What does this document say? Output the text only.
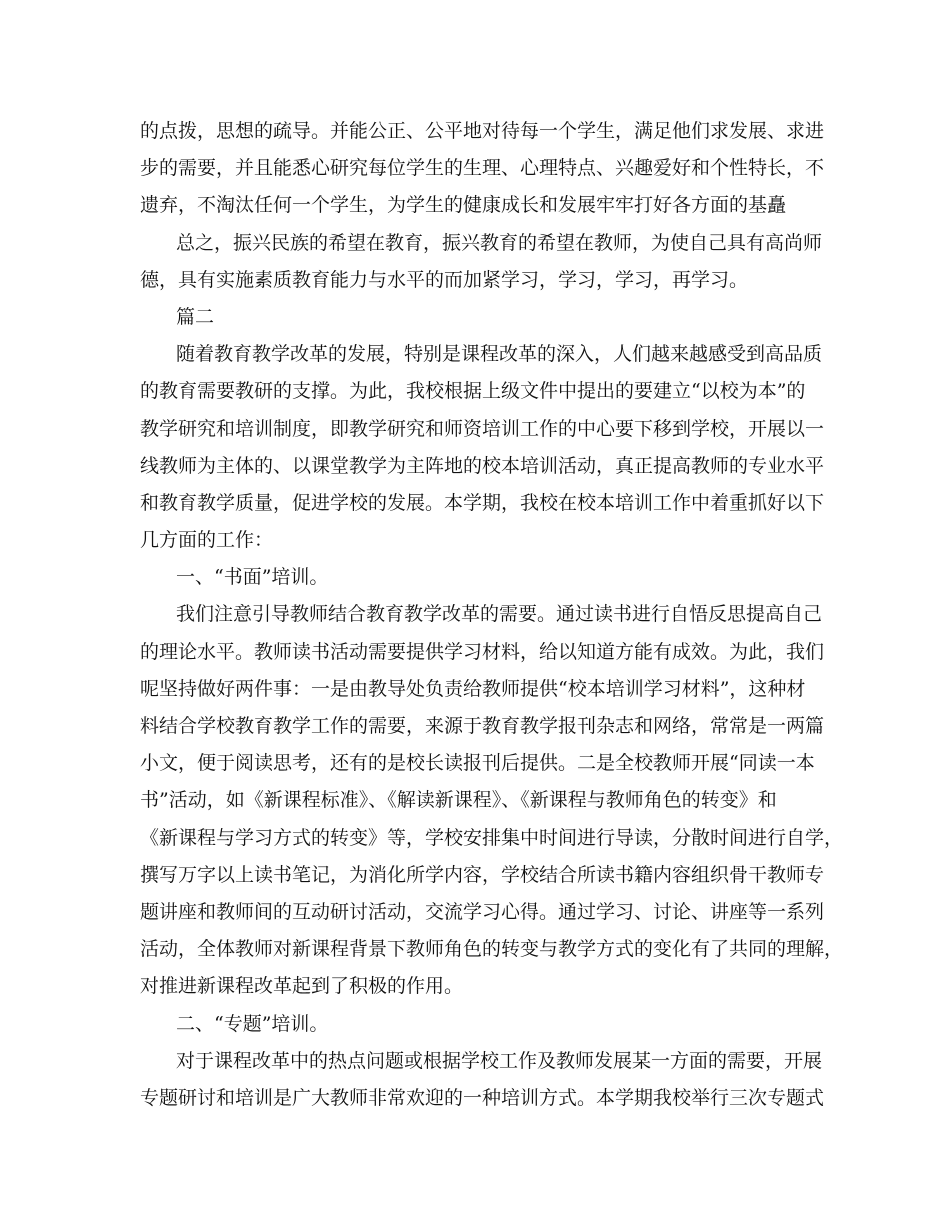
的点拨，思想的疏导。并能公正、公平地对待每一个学生，满足他们求发展、求进
步的需要，并且能悉心研究每位学生的生理、心理特点、兴趣爱好和个性特长，不
遗弃，不淘汰任何一个学生，为学生的健康成长和发展牢牢打好各方面的基矗

总之，振兴民族的希望在教育，振兴教育的希望在教师，为使自己具有高尚师
德，具有实施素质教育能力与水平的而加紧学习，学习，学习，再学习。

篇二

随着教育教学改革的发展，特别是课程改革的深入，人们越来越感受到高品质
的教育需要教研的支撑。为此，我校根据上级文件中提出的要建立“以校为本”的
教学研究和培训制度，即教学研究和师资培训工作的中心要下移到学校，开展以一
线教师为主体的、以课堂教学为主阵地的校本培训活动，真正提高教师的专业水平
和教育教学质量，促进学校的发展。本学期，我校在校本培训工作中着重抓好以下
几方面的工作：

一、“书面”培训。

我们注意引导教师结合教育教学改革的需要。通过读书进行自悟反思提高自己
的理论水平。教师读书活动需要提供学习材料，给以知道方能有成效。为此，我们
呢坚持做好两件事：一是由教导处负责给教师提供“校本培训学习材料”，这种材
料结合学校教育教学工作的需要，来源于教育教学报刊杂志和网络，常常是一两篇
小文，便于阅读思考，还有的是校长读报刊后提供。二是全校教师开展“同读一本
书”活动，如《新课程标准》、《解读新课程》、《新课程与教师角色的转变》和
《新课程与学习方式的转变》等，学校安排集中时间进行导读，分散时间进行自学，
撰写万字以上读书笔记，为消化所学内容，学校结合所读书籍内容组织骨干教师专
题讲座和教师间的互动研讨活动，交流学习心得。通过学习、讨论、讲座等一系列
活动，全体教师对新课程背景下教师角色的转变与教学方式的变化有了共同的理解，
对推进新课程改革起到了积极的作用。

二、“专题”培训。

对于课程改革中的热点问题或根据学校工作及教师发展某一方面的需要，开展
专题研讨和培训是广大教师非常欢迎的一种培训方式。本学期我校举行三次专题式
